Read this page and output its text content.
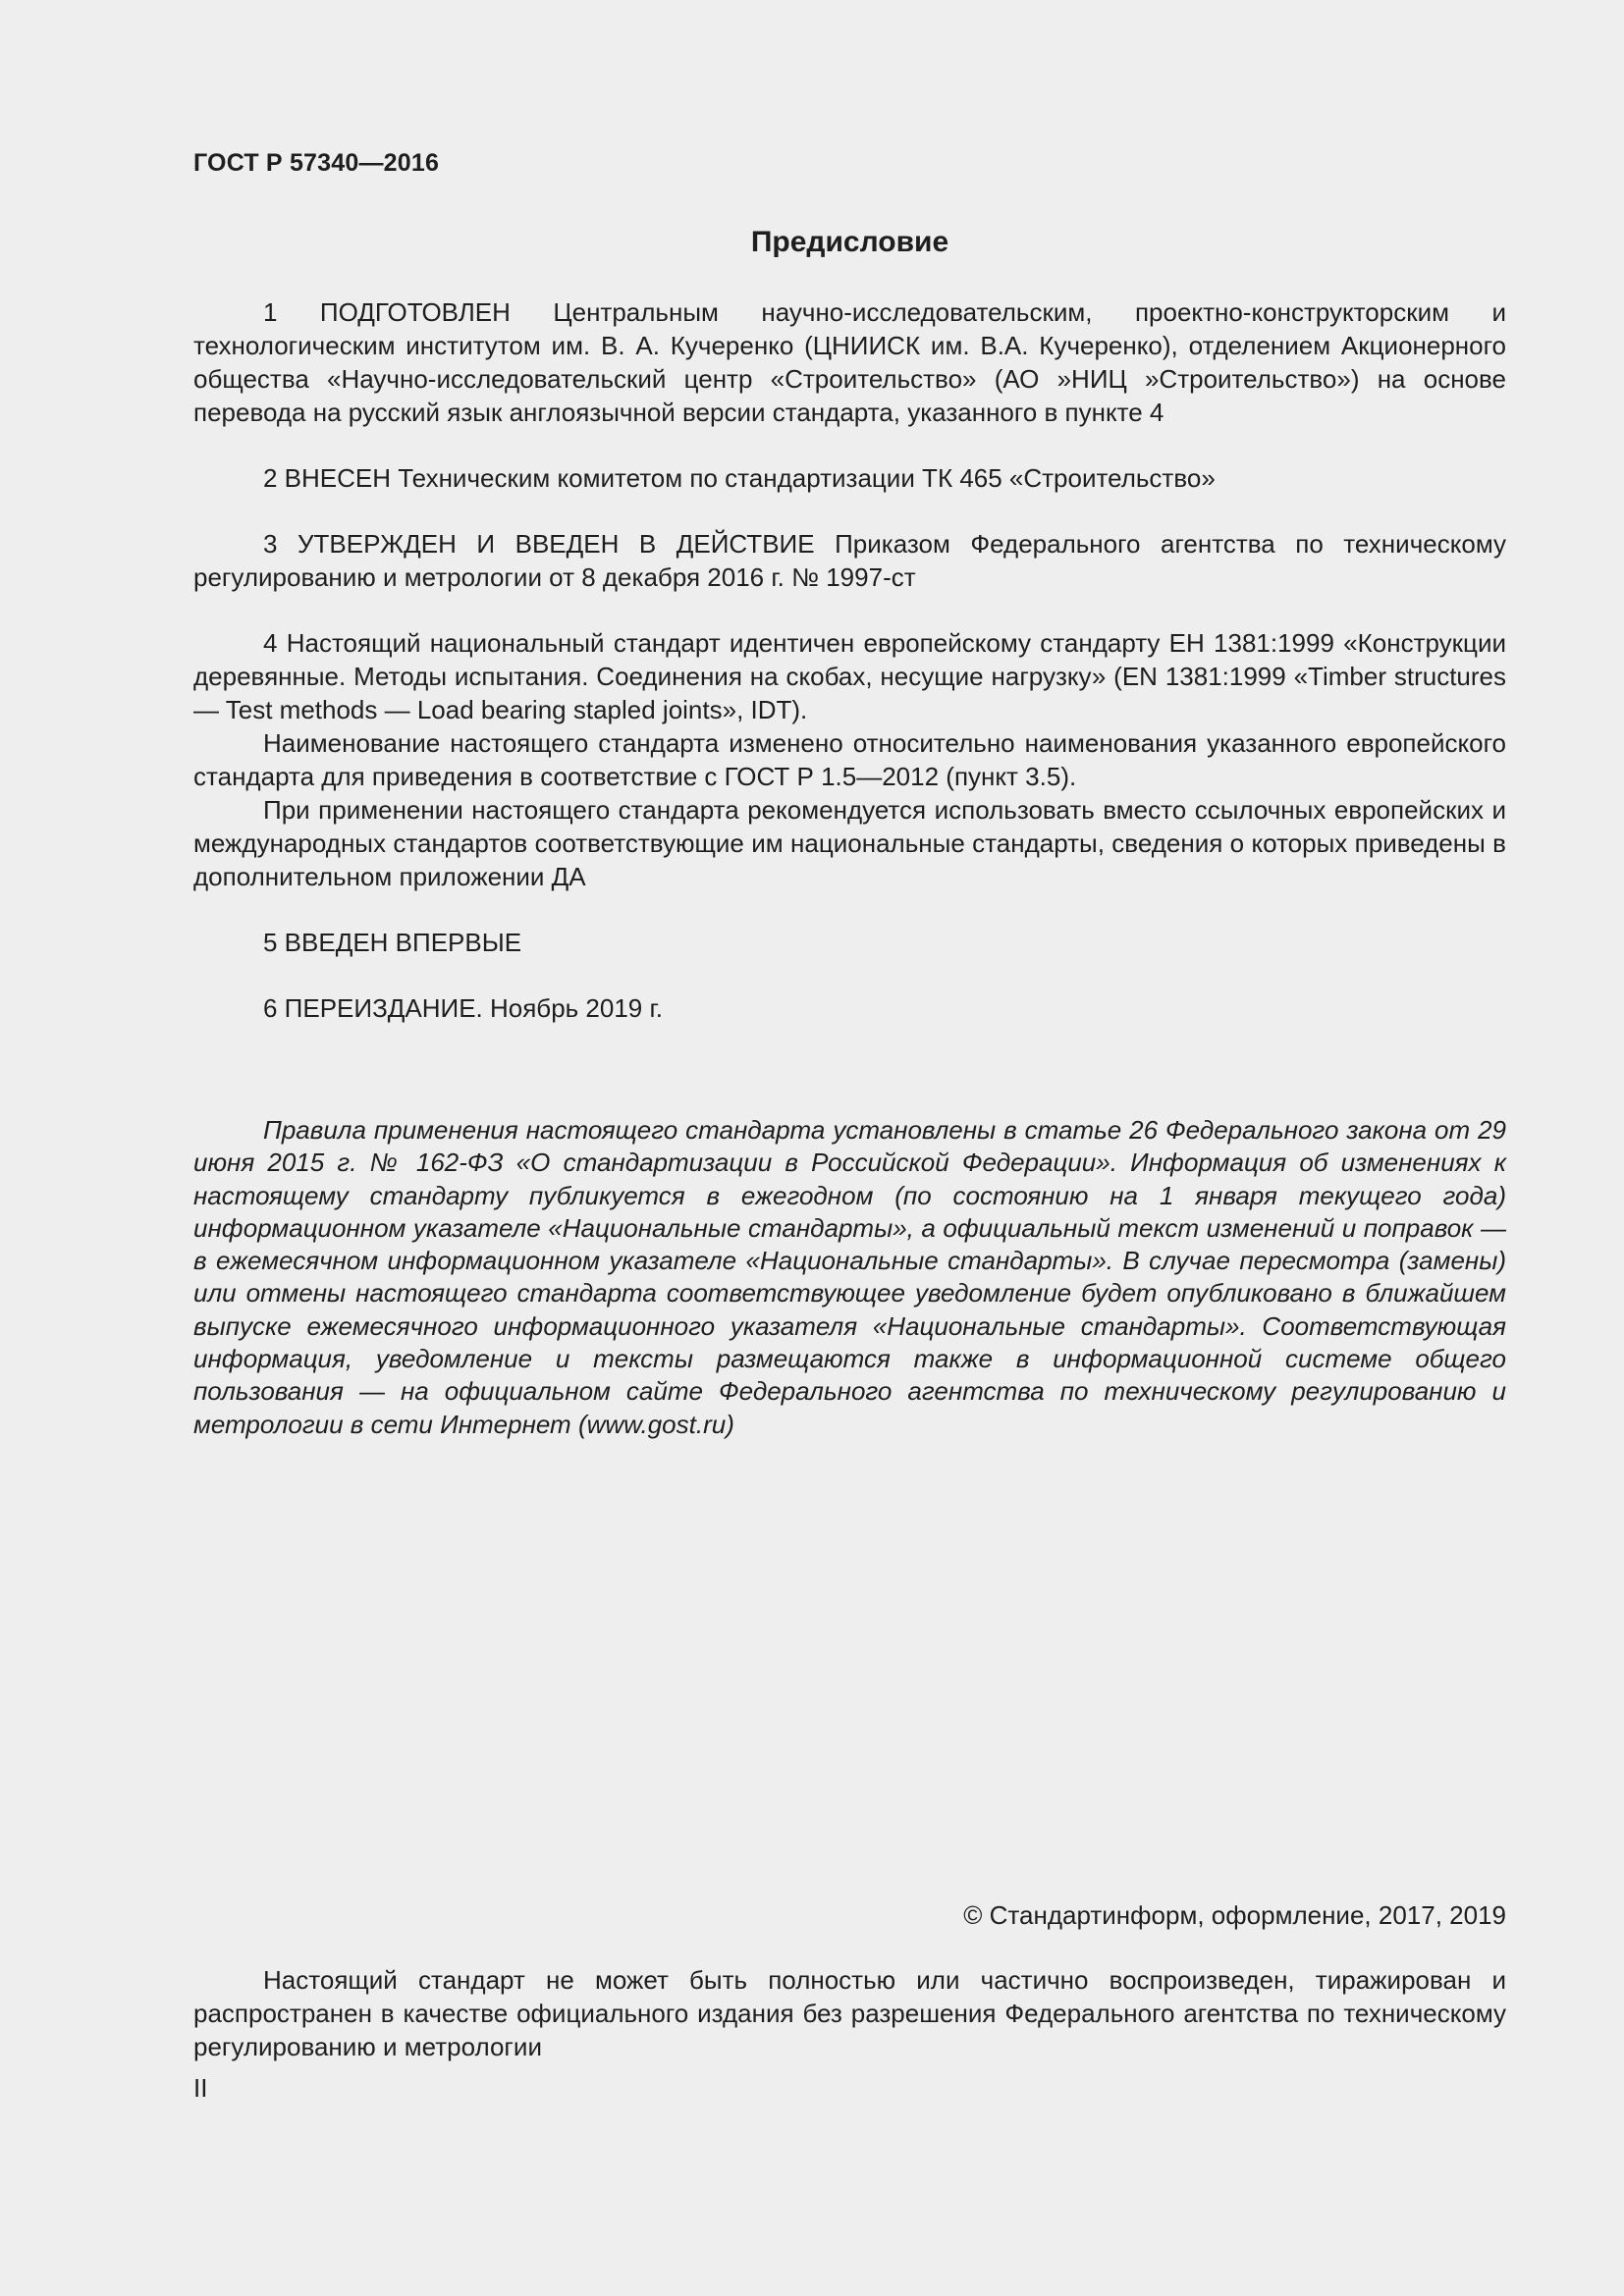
ГОСТ Р 57340—2016
Предисловие

1 ПОДГОТОВЛЕН Центральным научно-исследовательским, проектно-конструкторским и технологическим институтом им. В. А. Кучеренко (ЦНИИСК им. В.А. Кучеренко), отделением Акционерного общества «Научно-исследовательский центр «Строительство» (АО »НИЦ »Строительство») на основе перевода на русский язык англоязычной версии стандарта, указанного в пункте 4

2 ВНЕСЕН Техническим комитетом по стандартизации ТК 465 «Строительство»

3 УТВЕРЖДЕН И ВВЕДЕН В ДЕЙСТВИЕ Приказом Федерального агентства по техническому регулированию и метрологии от 8 декабря 2016 г. № 1997-ст

4 Настоящий национальный стандарт идентичен европейскому стандарту ЕН 1381:1999 «Конструкции деревянные. Методы испытания. Соединения на скобах, несущие нагрузку» (EN 1381:1999 «Timber structures — Test methods — Load bearing stapled joints», IDT).

Наименование настоящего стандарта изменено относительно наименования указанного европейского стандарта для приведения в соответствие с ГОСТ Р 1.5—2012 (пункт 3.5).

При применении настоящего стандарта рекомендуется использовать вместо ссылочных европейских и международных стандартов соответствующие им национальные стандарты, сведения о которых приведены в дополнительном приложении ДА

5 ВВЕДЕН ВПЕРВЫЕ

6 ПЕРЕИЗДАНИЕ. Ноябрь 2019 г.

Правила применения настоящего стандарта установлены в статье 26 Федерального закона от 29 июня 2015 г. № 162-ФЗ «О стандартизации в Российской Федерации». Информация об изменениях к настоящему стандарту публикуется в ежегодном (по состоянию на 1 января текущего года) информационном указателе «Национальные стандарты», а официальный текст изменений и поправок — в ежемесячном информационном указателе «Национальные стандарты». В случае пересмотра (замены) или отмены настоящего стандарта соответствующее уведомление будет опубликовано в ближайшем выпуске ежемесячного информационного указателя «Национальные стандарты». Соответствующая информация, уведомление и тексты размещаются также в информационной системе общего пользования — на официальном сайте Федерального агентства по техническому регулированию и метрологии в сети Интернет (www.gost.ru)

© Стандартинформ, оформление, 2017, 2019

Настоящий стандарт не может быть полностью или частично воспроизведен, тиражирован и распространен в качестве официального издания без разрешения Федерального агентства по техническому регулированию и метрологии

II
